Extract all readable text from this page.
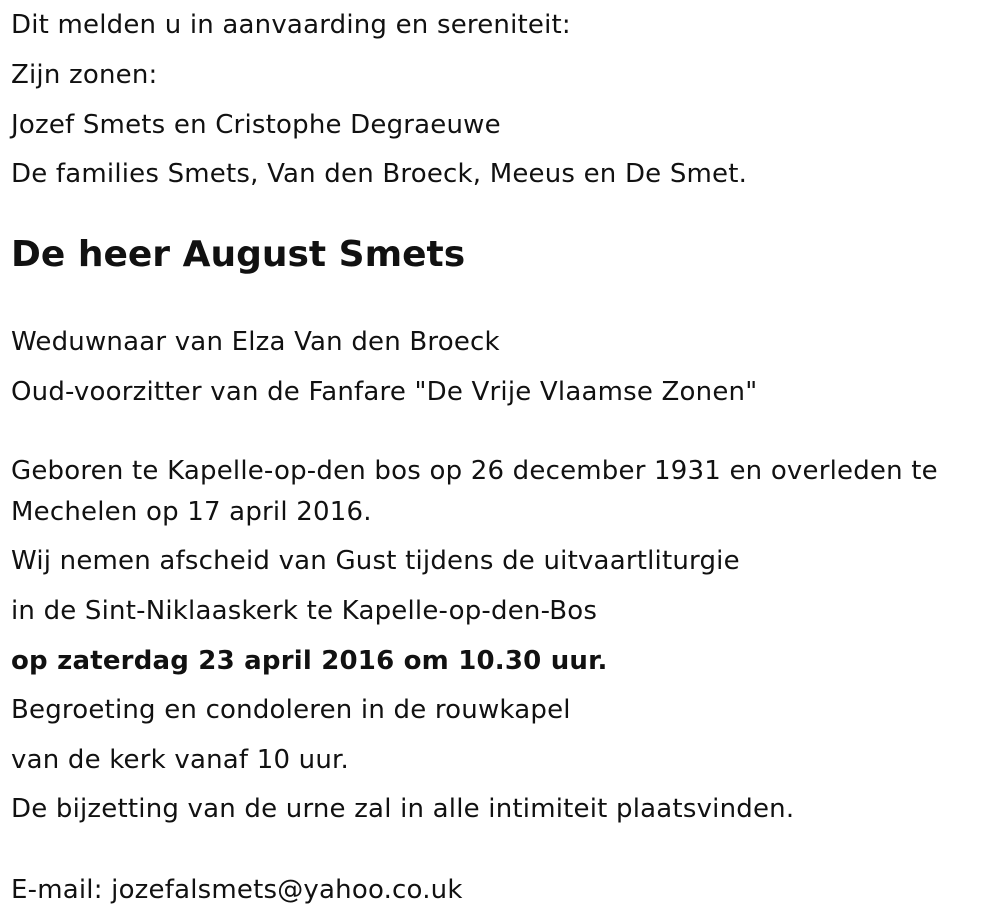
Dit melden u in aanvaarding en sereniteit:
Zijn zonen:
Jozef Smets en Cristophe Degraeuwe
De families Smets, Van den Broeck, Meeus en De Smet.
De heer August Smets
Weduwnaar van Elza Van den Broeck
Oud-voorzitter van de Fanfare "De Vrije Vlaamse Zonen"
Geboren te Kapelle-op-den bos op 26 december 1931 en overleden te Mechelen op 17 april 2016.
Wij nemen afscheid van Gust tijdens de uitvaartliturgie
in de Sint-Niklaaskerk te Kapelle-op-den-Bos
op zaterdag 23 april 2016 om 10.30 uur.
Begroeting en condoleren in de rouwkapel
van de kerk vanaf 10 uur.
De bijzetting van de urne zal in alle intimiteit plaatsvinden.
E-mail: jozefalsmets@yahoo.co.uk
